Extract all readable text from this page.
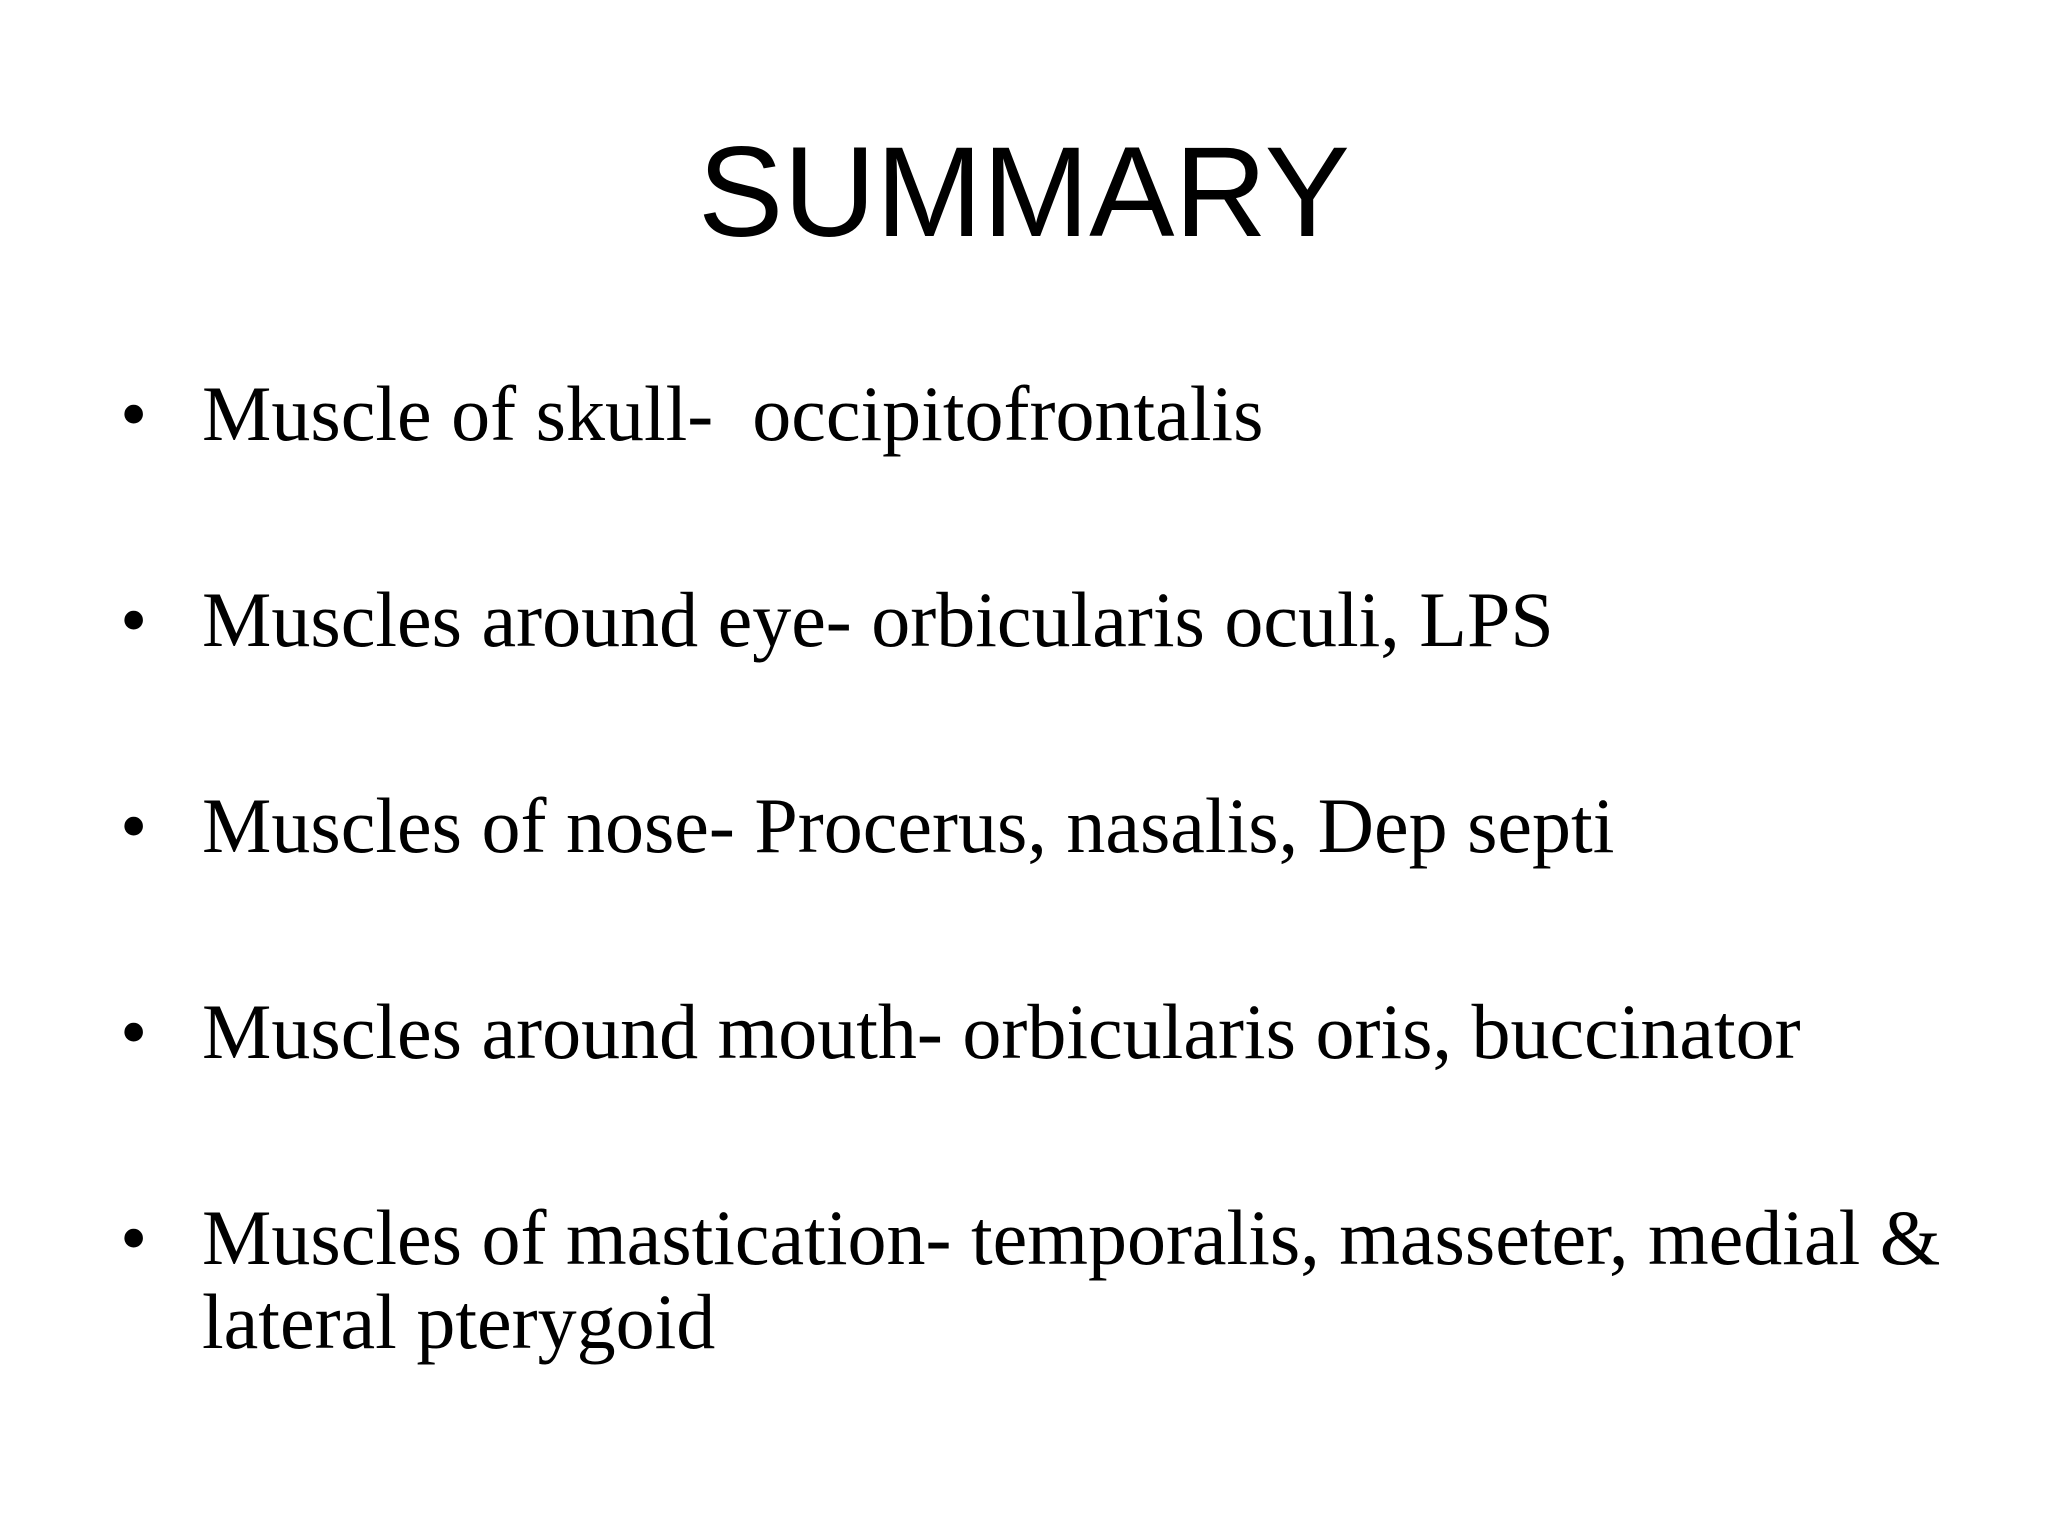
SUMMARY
• Muscle of skull-  occipitofrontalis
• Muscles around eye- orbicularis oculi, LPS
• Muscles of nose- Procerus, nasalis, Dep septi
• Muscles around mouth- orbicularis oris, buccinator
• Muscles of mastication- temporalis, masseter, medial & lateral pterygoid
